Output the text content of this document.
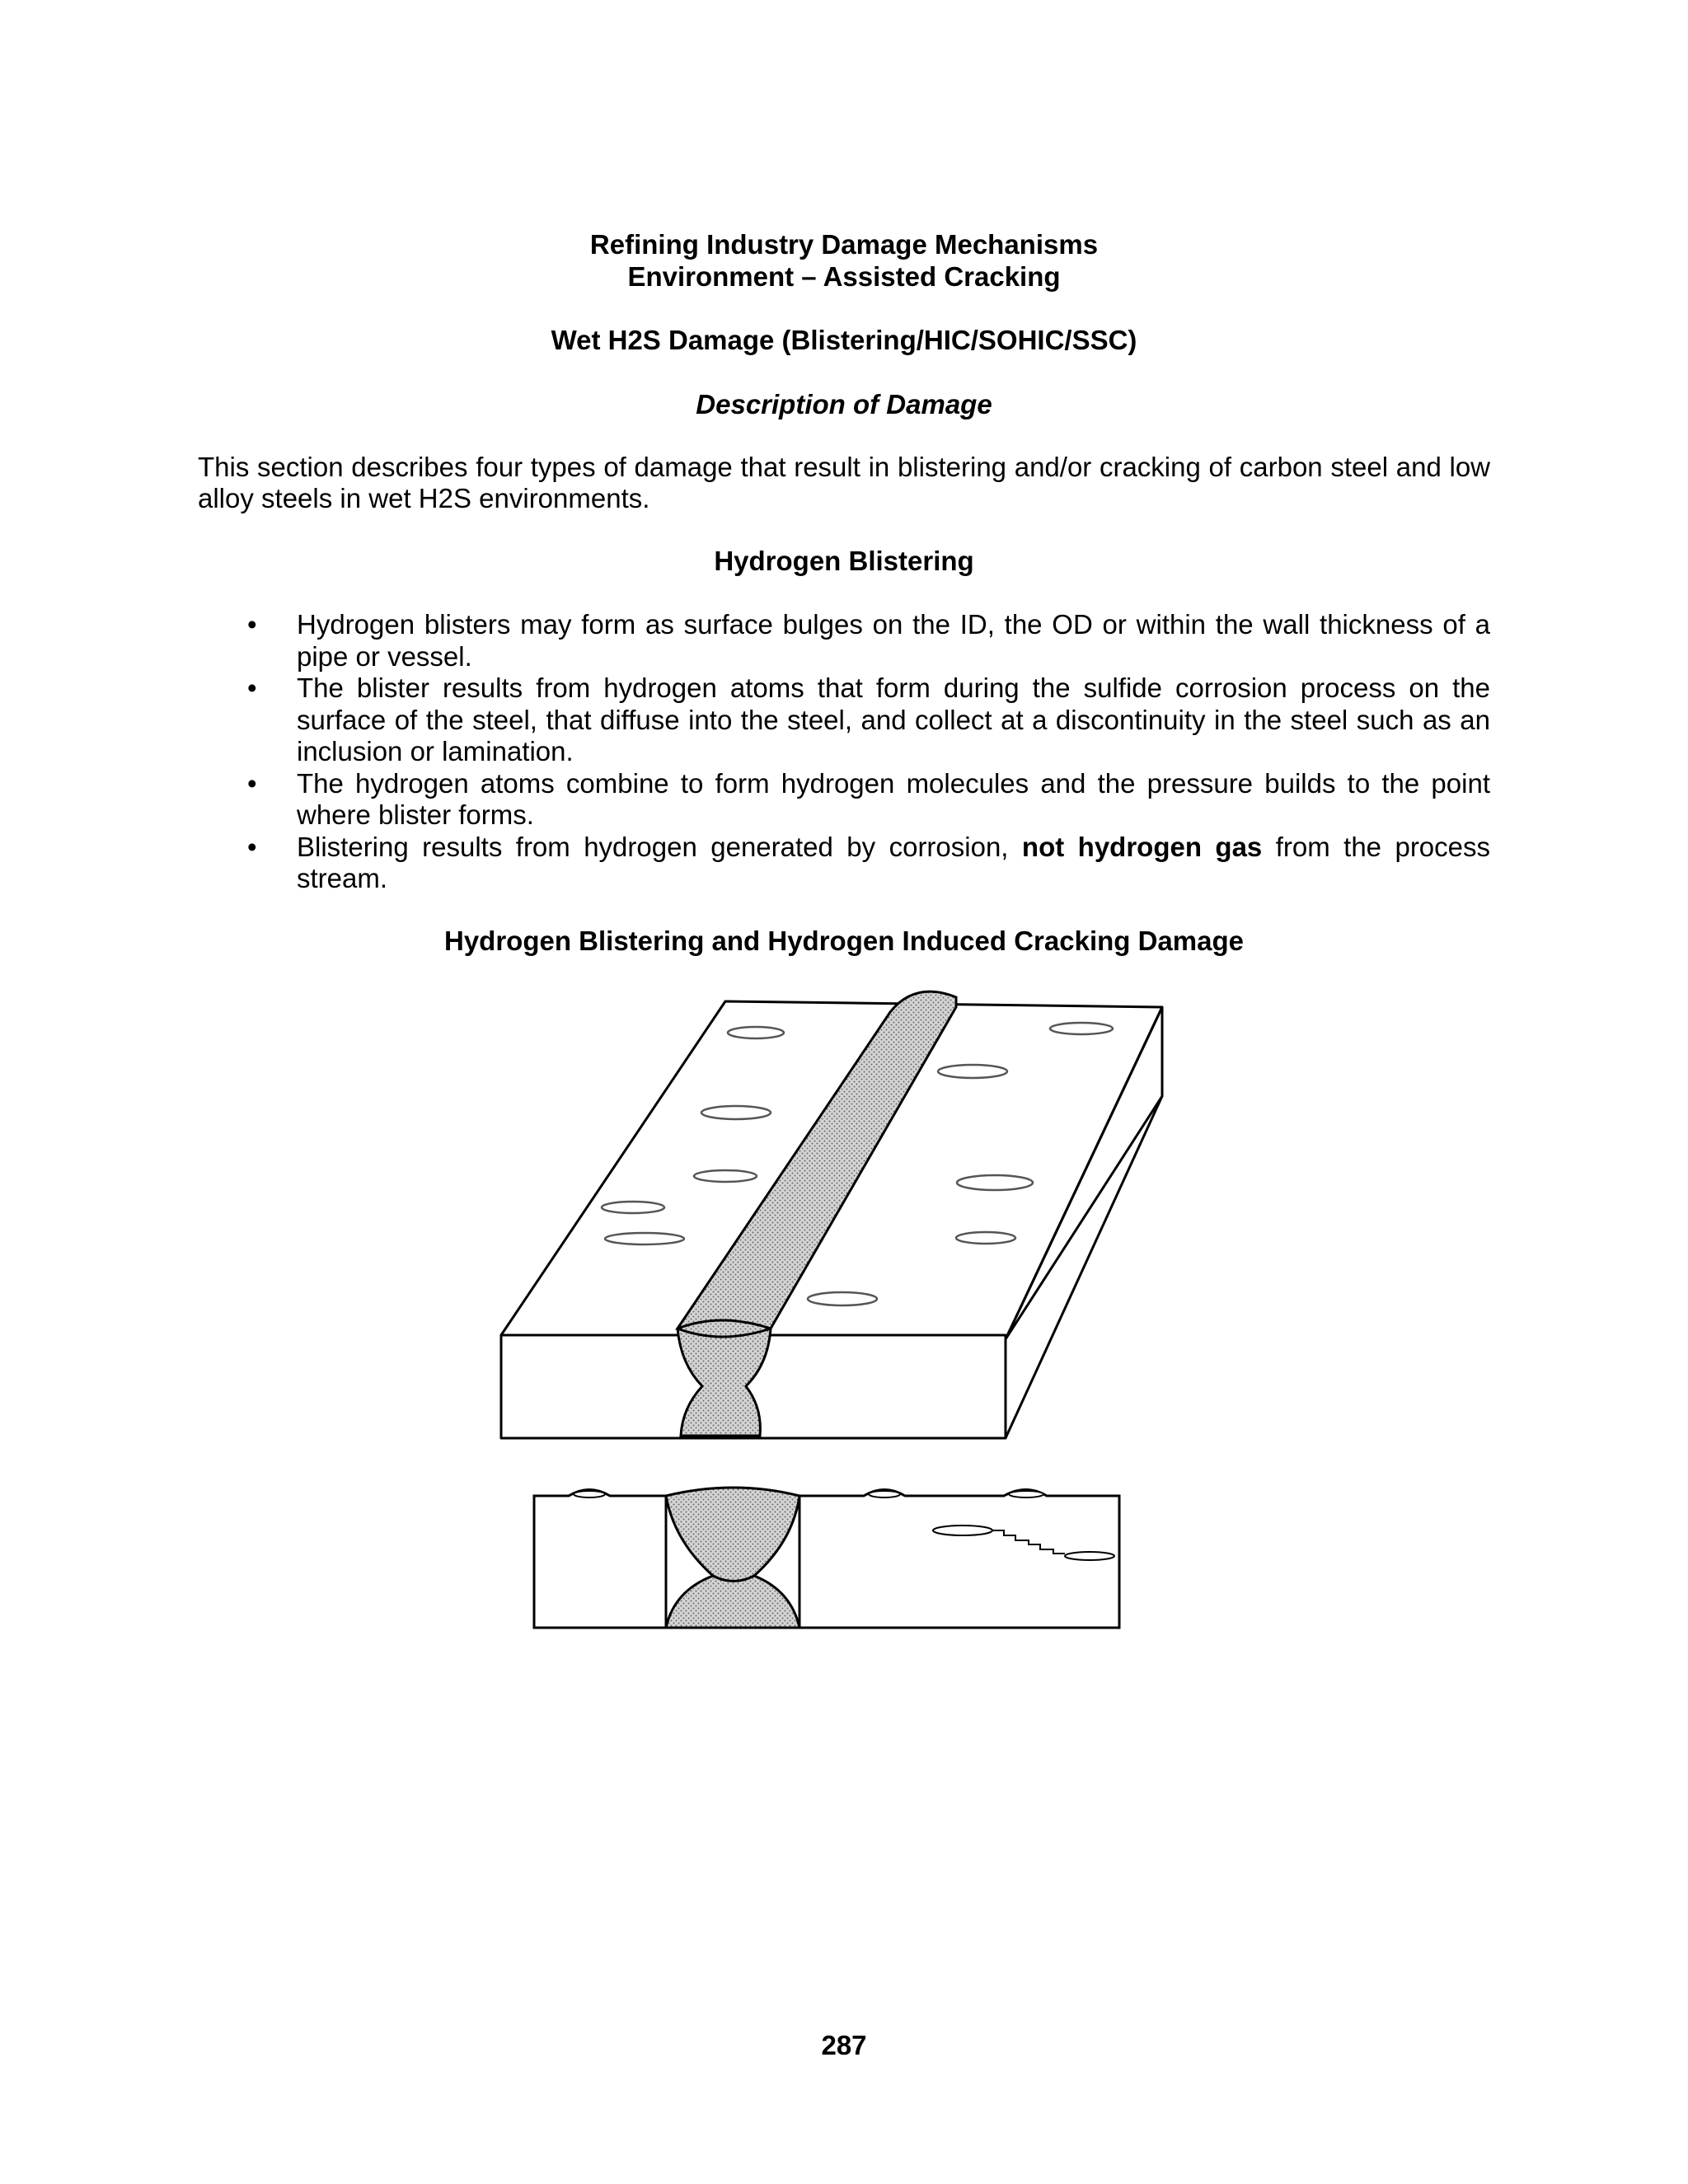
Refining Industry Damage Mechanisms
Environment – Assisted Cracking
Wet H2S Damage (Blistering/HIC/SOHIC/SSC)
Description of Damage
This section describes four types of damage that result in blistering and/or cracking of carbon steel and low alloy steels in wet H2S environments.
Hydrogen Blistering
• Hydrogen blisters may form as surface bulges on the ID, the OD or within the wall thickness of a pipe or vessel.
• The blister results from hydrogen atoms that form during the sulfide corrosion process on the surface of the steel, that diffuse into the steel, and collect at a discontinuity in the steel such as an inclusion or lamination.
• The hydrogen atoms combine to form hydrogen molecules and the pressure builds to the point where blister forms.
• Blistering results from hydrogen generated by corrosion, not hydrogen gas from the process stream.
Hydrogen Blistering and Hydrogen Induced Cracking Damage
287
